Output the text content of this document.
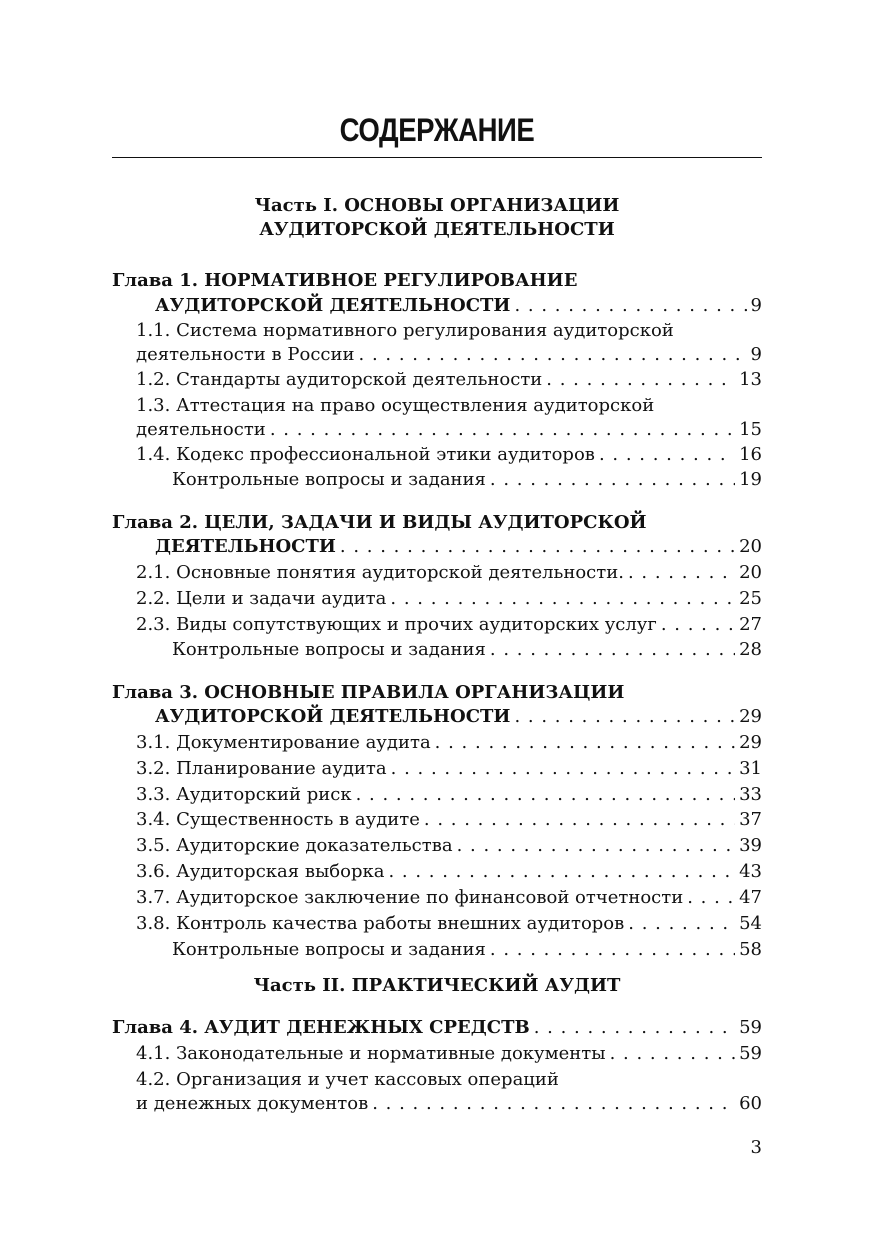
СОДЕРЖАНИЕ
Часть I. ОСНОВЫ ОРГАНИЗАЦИИ
АУДИТОРСКОЙ ДЕЯТЕЛЬНОСТИ
Глава 1. НОРМАТИВНОЕ РЕГУЛИРОВАНИЕ
АУДИТОРСКОЙ ДЕЯТЕЛЬНОСТИ . . .	9
1.1. Система нормативного регулирования аудиторской
деятельности в России . . .	9
1.2. Стандарты аудиторской деятельности . . .	13
1.3. Аттестация на право осуществления аудиторской
деятельности . . .	15
1.4. Кодекс профессиональной этики аудиторов . . .	16
Контрольные вопросы и задания . . .	19
Глава 2. ЦЕЛИ, ЗАДАЧИ И ВИДЫ АУДИТОРСКОЙ
ДЕЯТЕЛЬНОСТИ . . .	20
2.1. Основные понятия аудиторской деятельности. . . .	20
2.2. Цели и задачи аудита . . .	25
2.3. Виды сопутствующих и прочих аудиторских услуг . . .	27
Контрольные вопросы и задания . . .	28
Глава 3. ОСНОВНЫЕ ПРАВИЛА ОРГАНИЗАЦИИ
АУДИТОРСКОЙ ДЕЯТЕЛЬНОСТИ . . .	29
3.1. Документирование аудита . . .	29
3.2. Планирование аудита . . .	31
3.3. Аудиторский риск . . .	33
3.4. Существенность в аудите . . .	37
3.5. Аудиторские доказательства . . .	39
3.6. Аудиторская выборка . . .	43
3.7. Аудиторское заключение по финансовой отчетности . . .	47
3.8. Контроль качества работы внешних аудиторов . . .	54
Контрольные вопросы и задания . . .	58
Часть II. ПРАКТИЧЕСКИЙ АУДИТ
Глава 4. АУДИТ ДЕНЕЖНЫХ СРЕДСТВ . . .	59
4.1. Законодательные и нормативные документы . . .	59
4.2. Организация и учет кассовых операций
и денежных документов . . .	60
3
